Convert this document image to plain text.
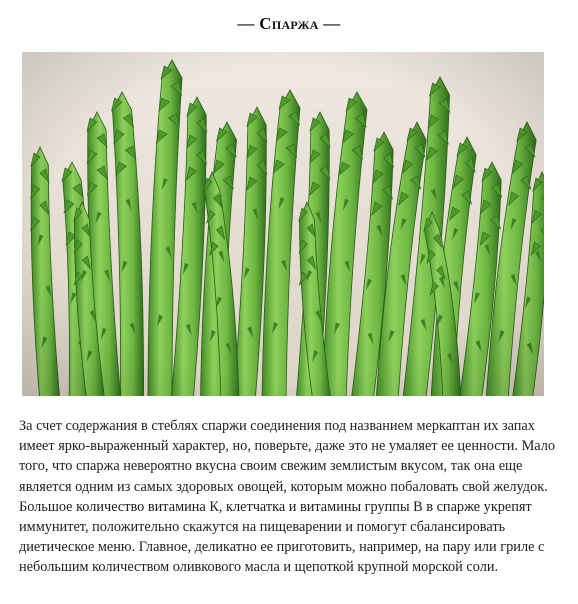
— Спаржа —
За счет содержания в стеблях спаржи соединения под названием меркаптан их запах имеет ярко-выраженный характер, но, поверьте, даже это не умаляет ее ценности. Мало того, что спаржа невероятно вкусна своим свежим землистым вкусом, так она еще является одним из самых здоровых овощей, которым можно побаловать свой желудок. Большое количество витамина К, клетчатка и витамины группы В в спарже укрепят иммунитет, положительно скажутся на пищеварении и помогут сбалансировать диетическое меню. Главное, деликатно ее приготовить, например, на пару или гриле с небольшим количеством оливкового масла и щепоткой крупной морской соли.
